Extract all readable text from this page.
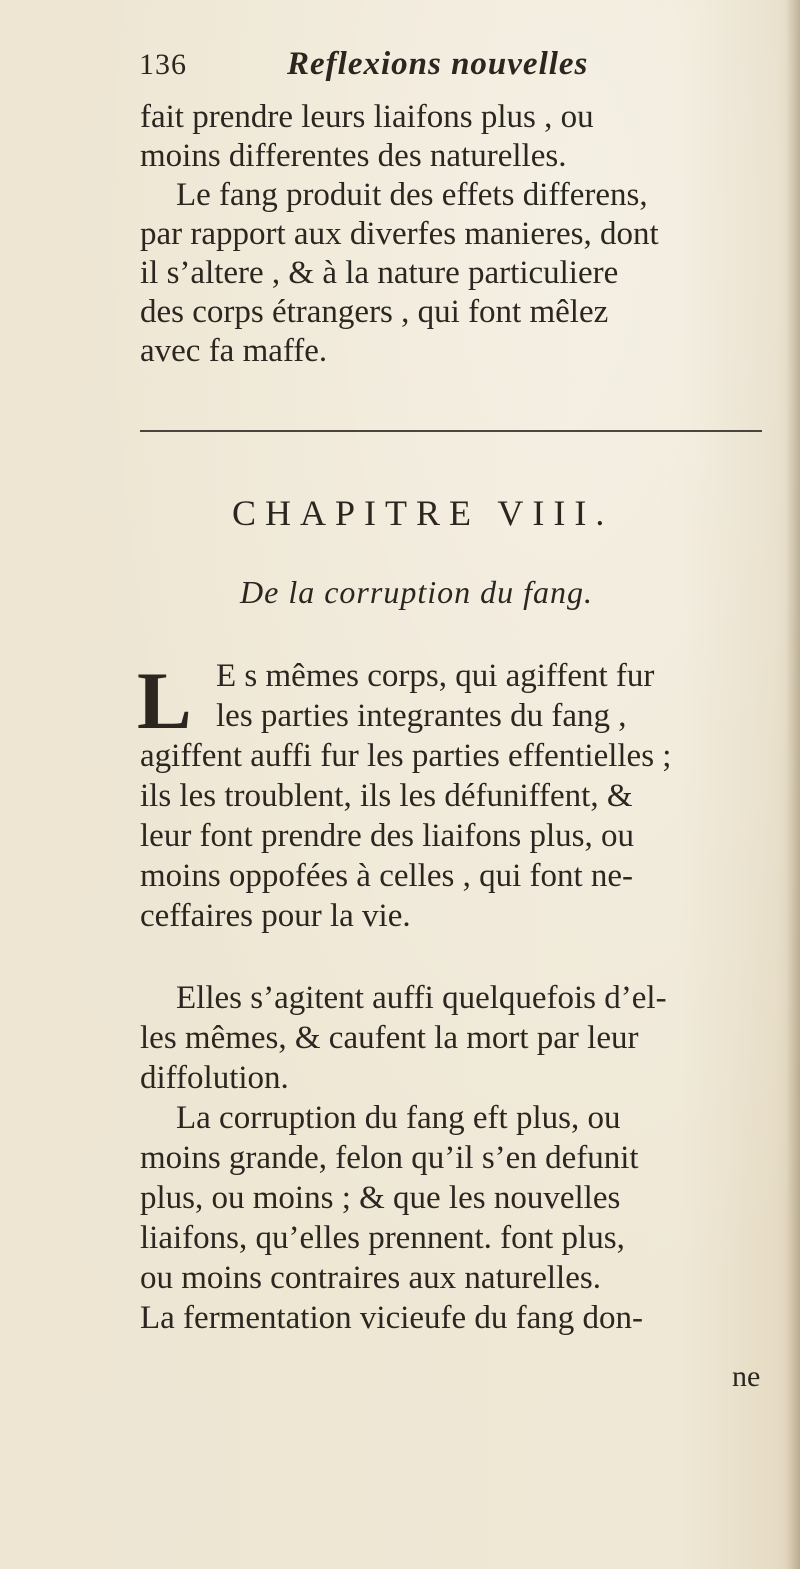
136	Reflexions nouvelles
fait prendre leurs liaifons plus , ou
moins differentes des naturelles.
Le fang produit des effets differens,
par rapport aux diverfes manieres, dont
il s’altere , & à la nature particuliere
des corps étrangers , qui font mêlez
avec fa maffe.
CHAPITRE VIII.
De la corruption du fang.
L E s mêmes corps, qui agiffent fur
les parties integrantes du fang ,
agiffent auffi fur les parties effentielles ;
ils les troublent, ils les défuniffent, &
leur font prendre des liaifons plus, ou
moins oppofées à celles , qui font ne-
ceffaires pour la vie.
Elles s’agitent auffi quelquefois d’el-
les mêmes, & caufent la mort par leur
diffolution.
La corruption du fang eft plus, ou
moins grande, felon qu’il s’en defunit
plus, ou moins ; & que les nouvelles
liaifons, qu’elles prennent. font plus,
ou moins contraires aux naturelles.
La fermentation vicieufe du fang don-
ne
